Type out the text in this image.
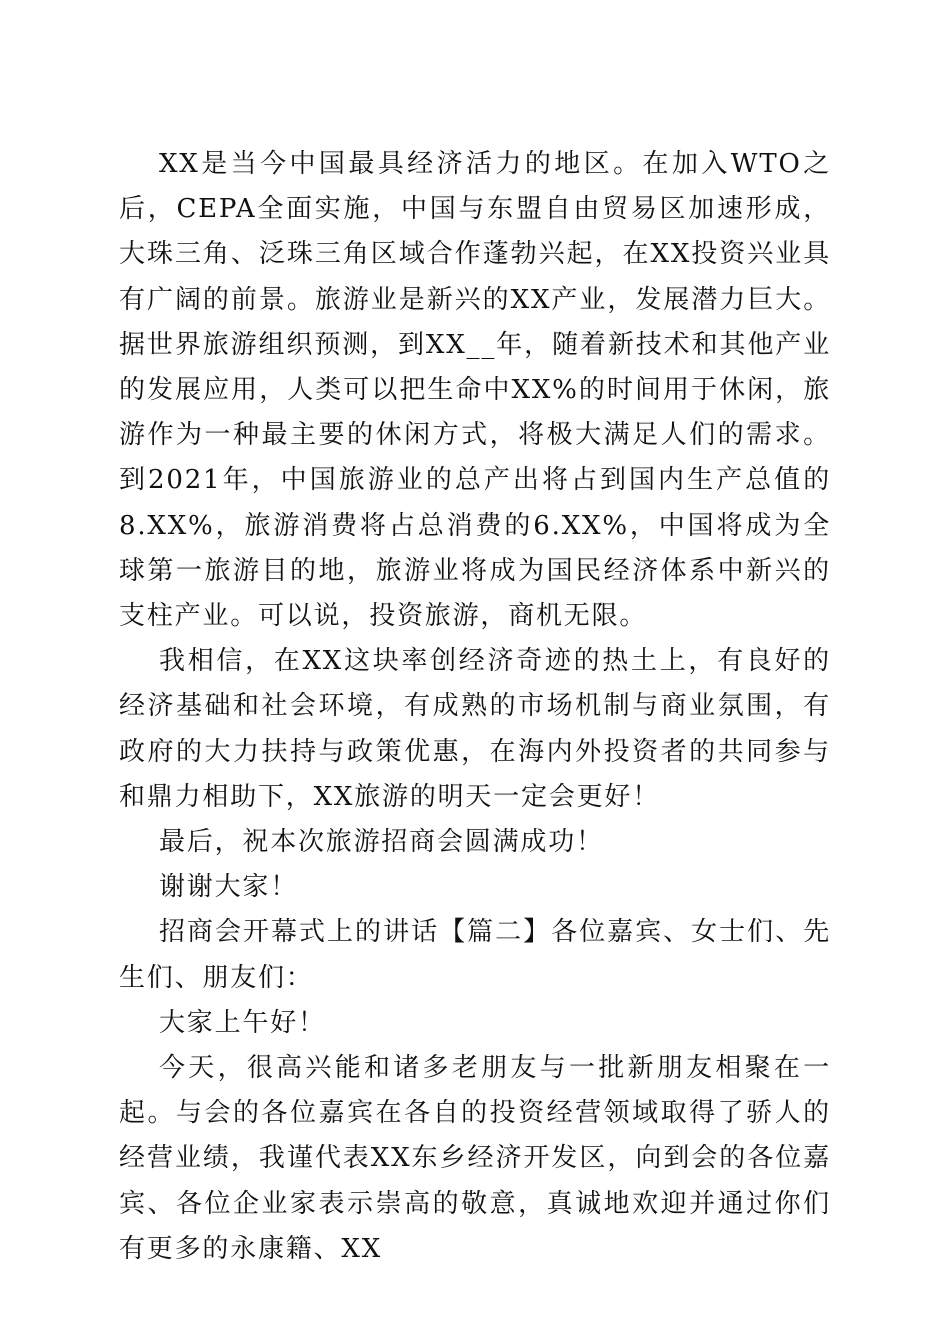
XX是当今中国最具经济活力的地区。在加入WTO之后，CEPA全面实施，中国与东盟自由贸易区加速形成，大珠三角、泛珠三角区域合作蓬勃兴起，在XX投资兴业具有广阔的前景。旅游业是新兴的XX产业，发展潜力巨大。据世界旅游组织预测，到XX__年，随着新技术和其他产业的发展应用，人类可以把生命中XX%的时间用于休闲，旅游作为一种最主要的休闲方式，将极大满足人们的需求。到2021年，中国旅游业的总产出将占到国内生产总值的8.XX%，旅游消费将占总消费的6.XX%，中国将成为全球第一旅游目的地，旅游业将成为国民经济体系中新兴的支柱产业。可以说，投资旅游，商机无限。

我相信，在XX这块率创经济奇迹的热土上，有良好的经济基础和社会环境，有成熟的市场机制与商业氛围，有政府的大力扶持与政策优惠，在海内外投资者的共同参与和鼎力相助下，XX旅游的明天一定会更好！

最后，祝本次旅游招商会圆满成功！

谢谢大家！

招商会开幕式上的讲话【篇二】各位嘉宾、女士们、先生们、朋友们：

大家上午好！

今天，很高兴能和诸多老朋友与一批新朋友相聚在一起。与会的各位嘉宾在各自的投资经营领域取得了骄人的经营业绩，我谨代表XX东乡经济开发区，向到会的各位嘉宾、各位企业家表示崇高的敬意，真诚地欢迎并通过你们有更多的永康籍、XX
